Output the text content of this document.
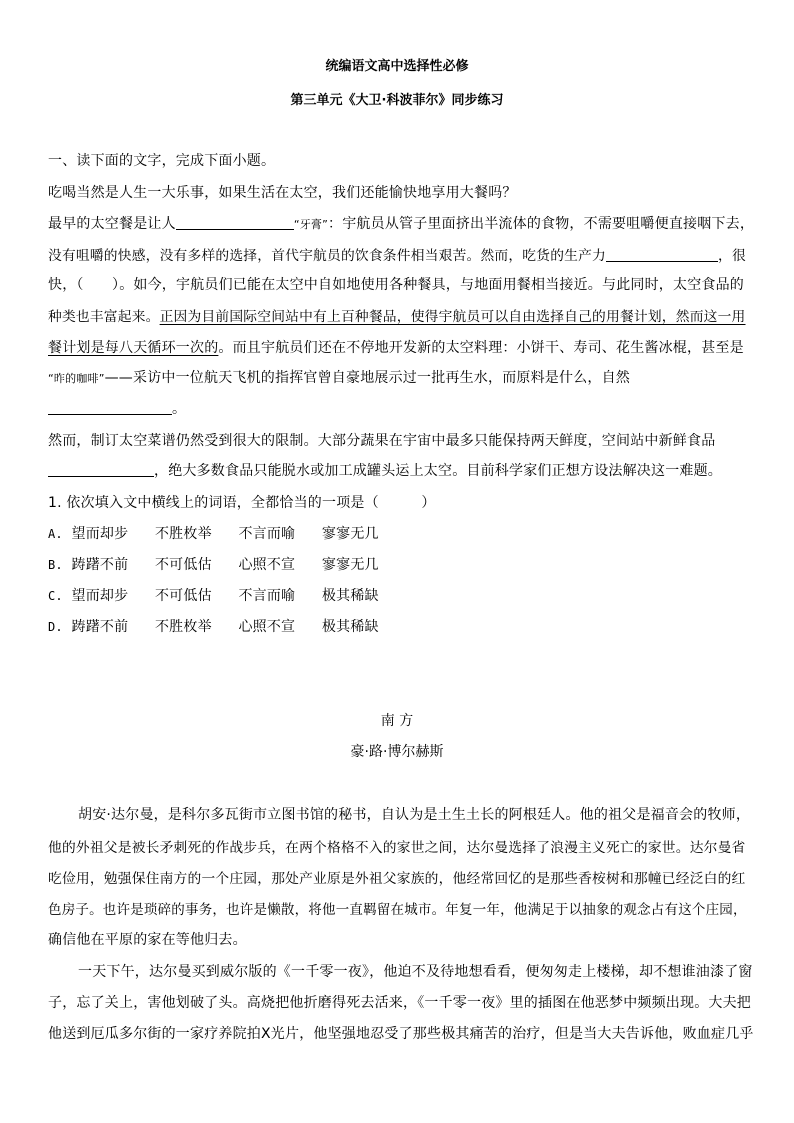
统编语文高中选择性必修
第三单元《大卫·科波菲尔》同步练习
一、读下面的文字，完成下面小题。
吃喝当然是人生一大乐事，如果生活在太空，我们还能愉快地享用大餐吗？
最早的太空餐是让人	“牙膏”：宇航员从管子里面挤出半流体的食物，不需要咀嚼便直接咽下去，
没有咀嚼的快感，没有多样的选择，首代宇航员的饮食条件相当艰苦。然而，吃货的生产力	，很
快，（　　）。如今，宇航员们已能在太空中自如地使用各种餐具，与地面用餐相当接近。与此同时，太空食品的
种类也丰富起来。正因为目前国际空间站中有上百种餐品，使得宇航员可以自由选择自己的用餐计划，然而这一用
餐计划是每八天循环一次的。而且宇航员们还在不停地开发新的太空料理：小饼干、寿司、花生酱冰棍，甚至是
“昨的咖啡”——采访中一位航天飞机的指挥官曾自豪地展示过一批再生水，而原料是什么，自然
。
然而，制订太空菜谱仍然受到很大的限制。大部分蔬果在宇宙中最多只能保持两天鲜度，空间站中新鲜食品
，绝大多数食品只能脱水或加工成罐头运上太空。目前科学家们正想方设法解决这一难题。
1. 依次填入文中横线上的词语，全都恰当的一项是（　　　）
A. 望而却步 不胜枚举 不言而喻 寥寥无几
B. 踌躇不前 不可低估 心照不宣 寥寥无几
C. 望而却步 不可低估 不言而喻 极其稀缺
D. 踌躇不前 不胜枚举 心照不宣 极其稀缺
南 方
豪·路·博尔赫斯
胡安·达尔曼，是科尔多瓦街市立图书馆的秘书，自认为是土生土长的阿根廷人。他的祖父是福音会的牧师，
他的外祖父是被长矛刺死的作战步兵，在两个格格不入的家世之间，达尔曼选择了浪漫主义死亡的家世。达尔曼省
吃俭用，勉强保住南方的一个庄园，那处产业原是外祖父家族的，他经常回忆的是那些香桉树和那幢已经泛白的红
色房子。也许是琐碎的事务，也许是懒散，将他一直羁留在城市。年复一年，他满足于以抽象的观念占有这个庄园，
确信他在平原的家在等他归去。
一天下午，达尔曼买到威尔版的《一千零一夜》，他迫不及待地想看看，便匆匆走上楼梯，却不想谁油漆了窗
子，忘了关上，害他划破了头。高烧把他折磨得死去活来，《一千零一夜》里的插图在他恶梦中频频出现。大夫把
他送到厄瓜多尔街的一家疗养院拍X光片，他坚强地忍受了那些极其痛苦的治疗，但是当大夫告诉他，败血症几乎
